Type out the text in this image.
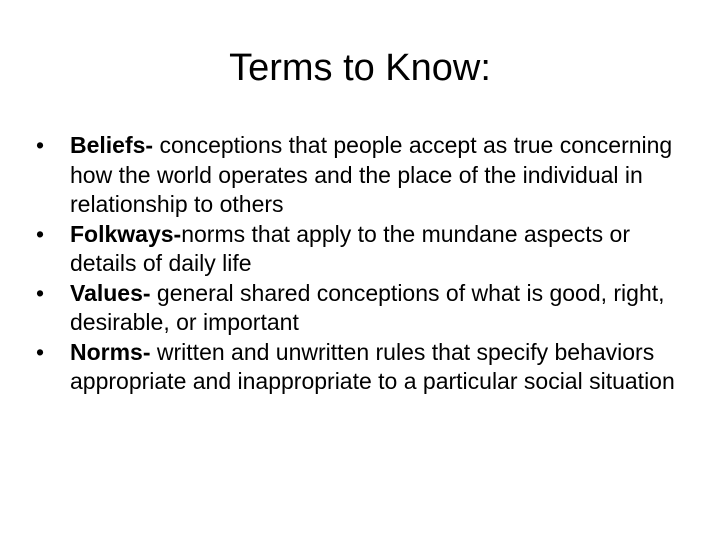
Terms to Know:
•	Beliefs- conceptions that people accept as true concerning how the world operates and the place of the individual in relationship to others
•	Folkways-norms that apply to the mundane aspects or details of daily life
•	Values- general shared conceptions of what is good, right, desirable, or important
•	Norms- written and unwritten rules that specify behaviors appropriate and inappropriate to a particular social situation
